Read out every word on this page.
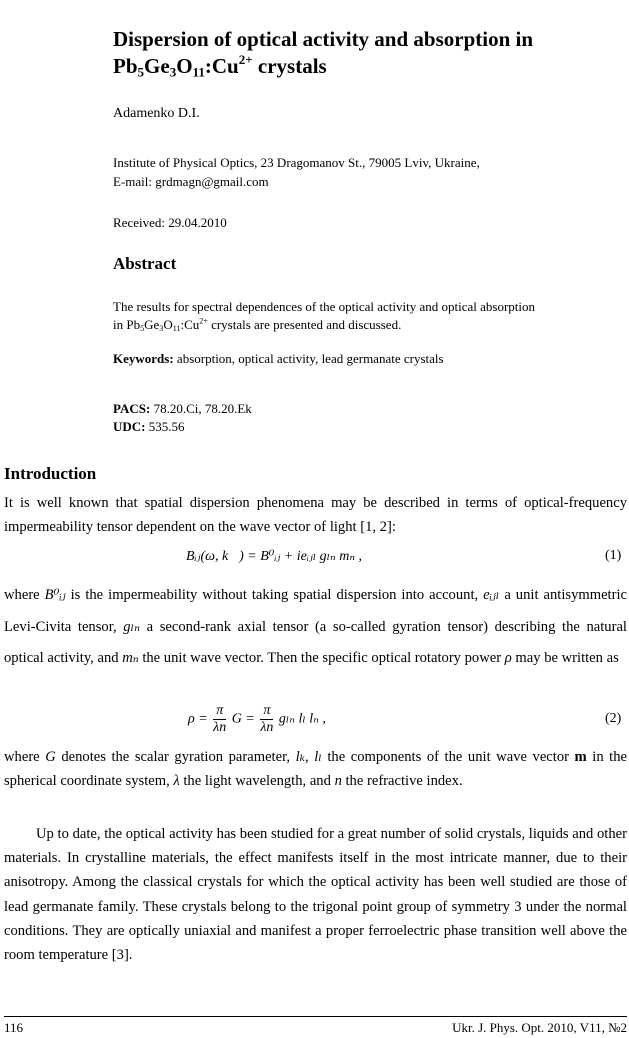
Dispersion of optical activity and absorption in
$Pb_5Ge_3O_{11}:Cu^{2+}$ crystals
Adamenko D.I.
Institute of Physical Optics, 23 Dragomanov St., 79005 Lviv, Ukraine,
E-mail: grdmagn@gmail.com
Received: 29.04.2010
Abstract
The results for spectral dependences of the optical activity and optical absorption
in $Pb_5Ge_3O_{11}:Cu^{2+}$ crystals are presented and discussed.
Keywords: absorption, optical activity, lead germanate crystals
PACS: 78.20.Ci, 78.20.Ek
UDC: 535.56
Introduction
It is well known that spatial dispersion phenomena may be described in terms of optical-frequency impermeability tensor dependent on the wave vector of light [1, 2]:
Bᵢⱼ(ω, k⃗) = B⁰ᵢⱼ + ieᵢⱼₗ gₗₙ mₙ ,	(1)
where B⁰ᵢⱼ is the impermeability without taking spatial dispersion into account, eᵢⱼₗ a unit antisymmetric Levi-Civita tensor, gₗₙ a second-rank axial tensor (a so-called gyration tensor) describing the natural optical activity, and mₙ the unit wave vector. Then the specific optical rotatory power ρ may be written as
$\rho = \frac{\pi}{\lambda n}$ $G = \frac{\pi}{\lambda n}$ gₗₙ lₗ lₙ ,	(2)
where G denotes the scalar gyration parameter, lₖ, lₗ the components of the unit wave vector m in the spherical coordinate system, λ the light wavelength, and n the refractive index.
Up to date, the optical activity has been studied for a great number of solid crystals, liquids and other materials. In crystalline materials, the effect manifests itself in the most intricate manner, due to their anisotropy. Among the classical crystals for which the optical activity has been well studied are those of lead germanate family. These crystals belong to the trigonal point group of symmetry 3 under the normal conditions. They are optically uniaxial and manifest a proper ferroelectric phase transition well above the room temperature [3].
116	Ukr. J. Phys. Opt. 2010, V11, №2
